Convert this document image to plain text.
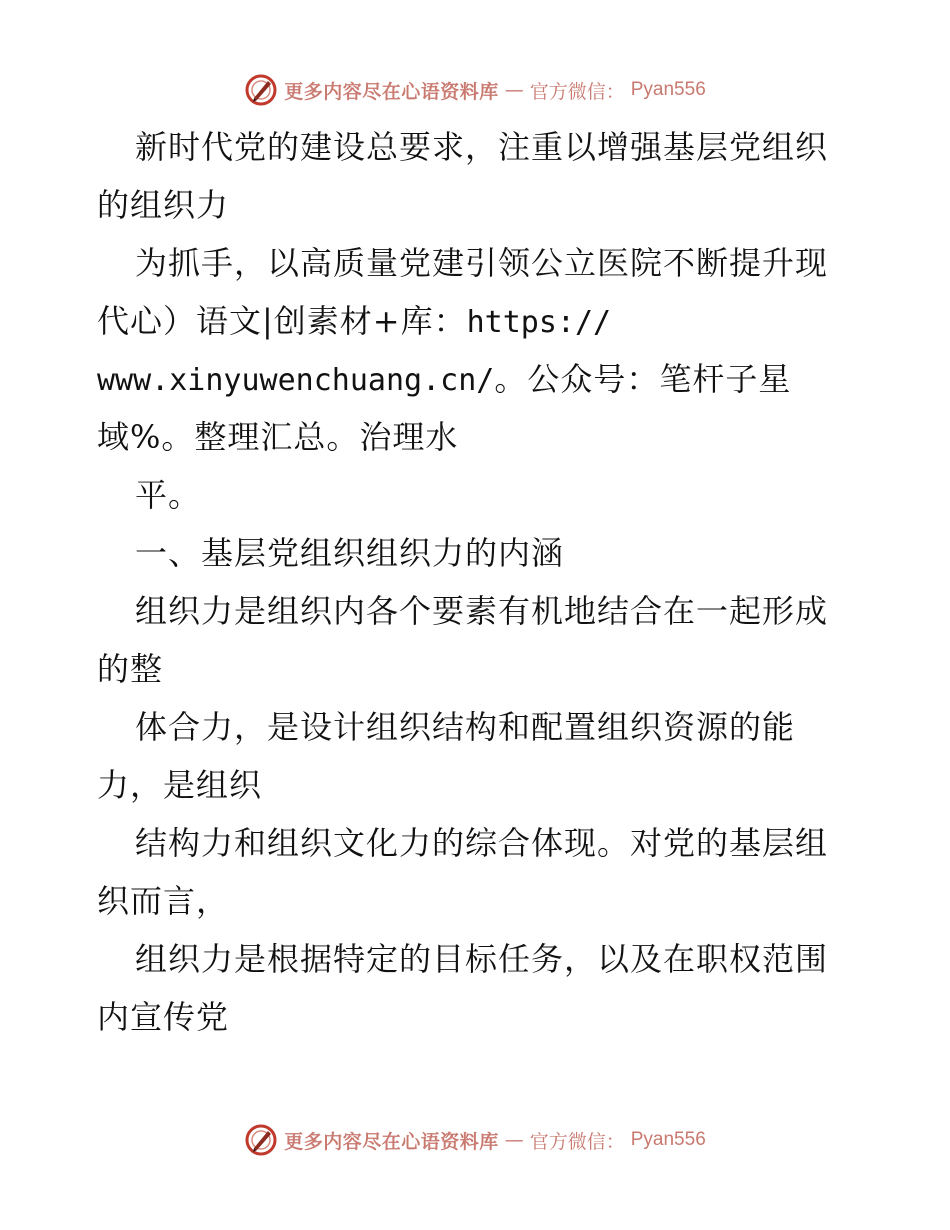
更多内容尽在心语资料库 — 官方微信： Pyan556
新时代党的建设总要求，注重以增强基层党组织
的组织力
为抓手，以高质量党建引领公立医院不断提升现
代心）语文|创素材+库：https://
www.xinyuwenchuang.cn/。公众号：笔杆子星
域%。整理汇总。治理水
平。
一、基层党组织组织力的内涵
组织力是组织内各个要素有机地结合在一起形成
的整
体合力，是设计组织结构和配置组织资源的能
力，是组织
结构力和组织文化力的综合体现。对党的基层组
织而言，
组织力是根据特定的目标任务，以及在职权范围
内宣传党
更多内容尽在心语资料库 — 官方微信： Pyan556
